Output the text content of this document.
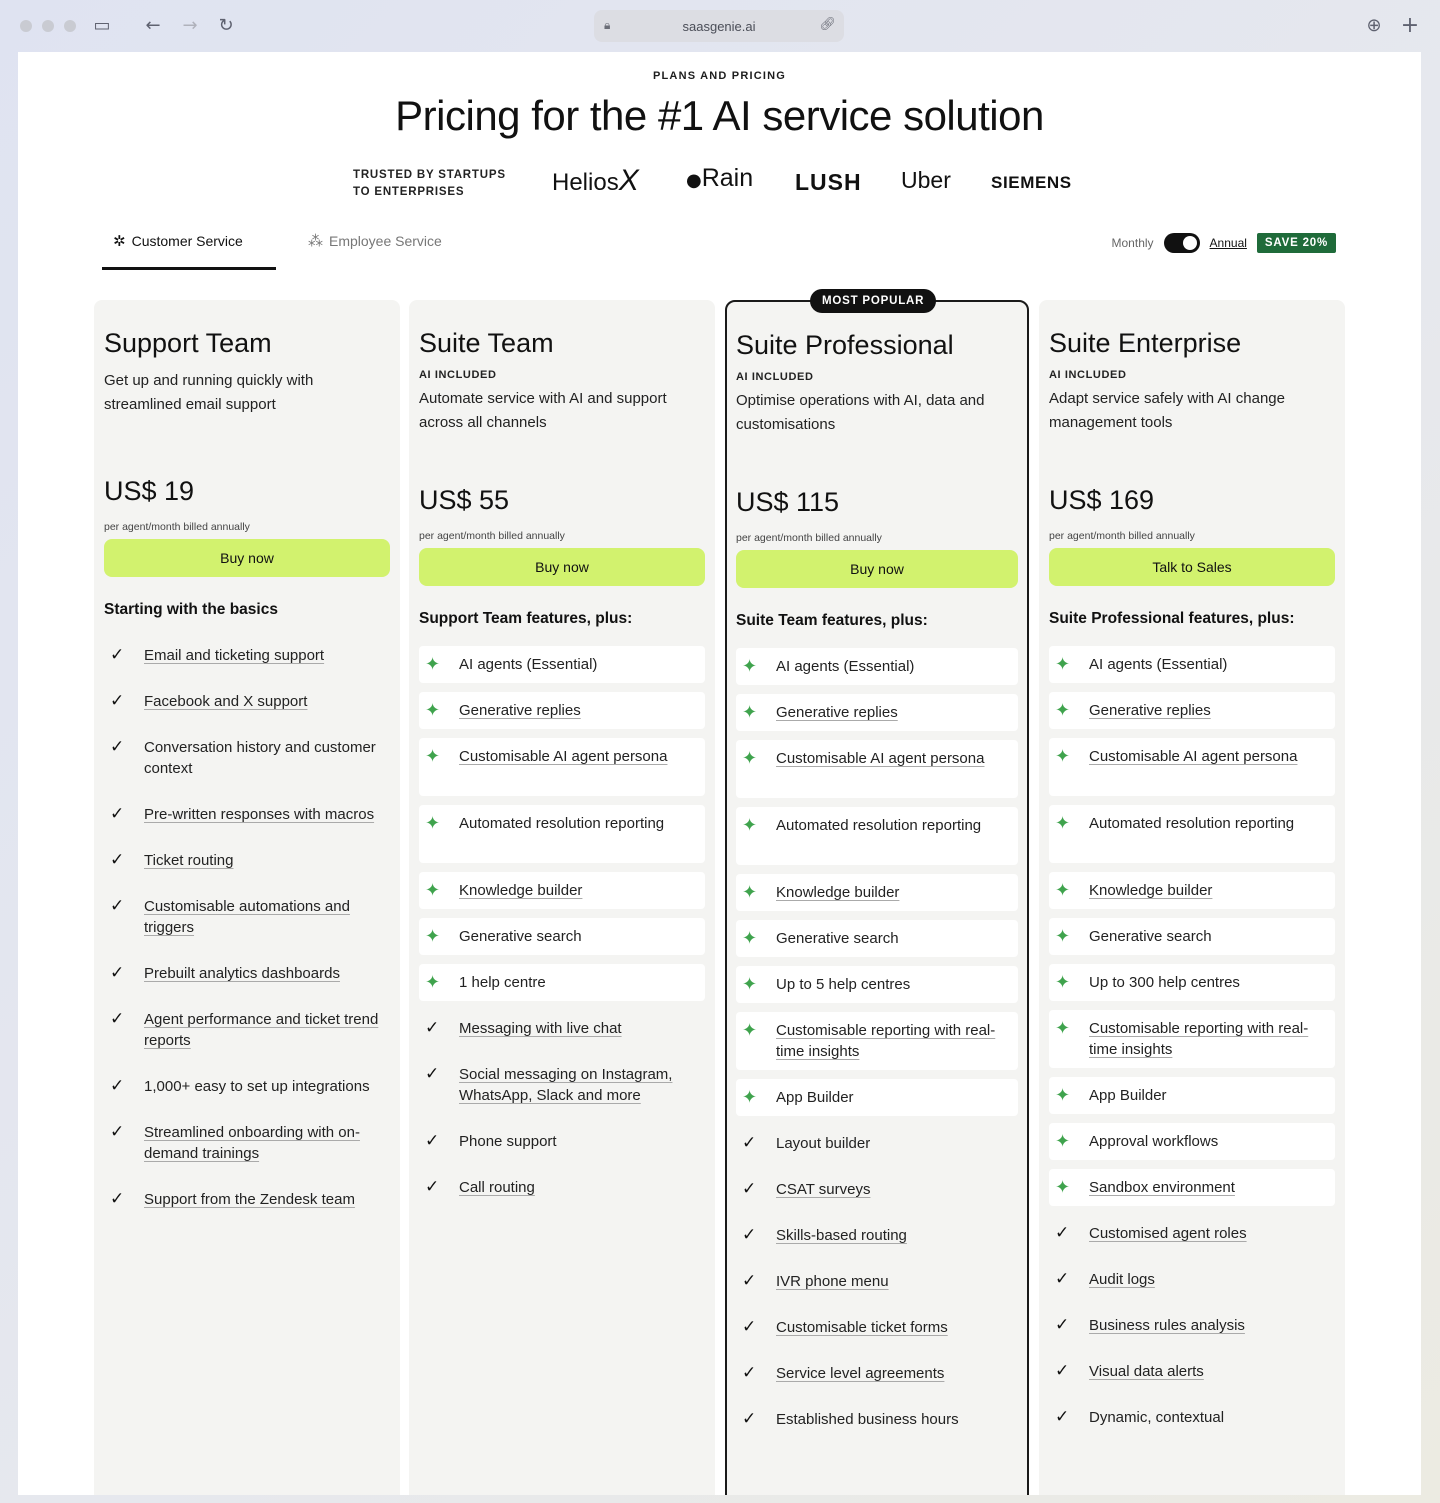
▭ ← → ↻	🔒︎	saasgenie.ai	🔗︎	⊕ +
PLANS AND PRICING
Pricing for the #1 AI service solution
TRUSTED BY STARTUPS
TO ENTERPRISES	HeliosX	●Rain LUSH Uber SIEMENS
✲ Customer Service	⁂ Employee Service	Monthly	Annual	SAVE 20%
Support Team
Get up and running quickly with streamlined email support
US$ 19
per agent/month billed annually
Buy now
Starting with the basics
✓	Email and ticketing support
✓	Facebook and X support
✓	Conversation history and customer context
✓	Pre-written responses with macros
✓	Ticket routing
✓	Customisable automations and triggers
✓	Prebuilt analytics dashboards
✓	Agent performance and ticket trend reports
✓	1,000+ easy to set up integrations
✓	Streamlined onboarding with on-demand trainings
✓	Support from the Zendesk team
Suite Team
AI INCLUDED
Automate service with AI and support across all channels
US$ 55
per agent/month billed annually
Buy now
Support Team features, plus:
✦	AI agents (Essential)
✦	Generative replies
✦	Customisable AI agent persona
✦	Automated resolution reporting
✦	Knowledge builder
✦	Generative search
✦	1 help centre
✓	Messaging with live chat
✓	Social messaging on Instagram, WhatsApp, Slack and more
✓	Phone support
✓	Call routing
MOST POPULAR
Suite Professional
AI INCLUDED
Optimise operations with AI, data and customisations
US$ 115
per agent/month billed annually
Buy now
Suite Team features, plus:
✦	AI agents (Essential)
✦	Generative replies
✦	Customisable AI agent persona
✦	Automated resolution reporting
✦	Knowledge builder
✦	Generative search
✦	Up to 5 help centres
✦	Customisable reporting with real-time insights
✦	App Builder
✓	Layout builder
✓	CSAT surveys
✓	Skills-based routing
✓	IVR phone menu
✓	Customisable ticket forms
✓	Service level agreements
✓	Established business hours
Suite Enterprise
AI INCLUDED
Adapt service safely with AI change management tools
US$ 169
per agent/month billed annually
Talk to Sales
Suite Professional features, plus:
✦	AI agents (Essential)
✦	Generative replies
✦	Customisable AI agent persona
✦	Automated resolution reporting
✦	Knowledge builder
✦	Generative search
✦	Up to 300 help centres
✦	Customisable reporting with real-time insights
✦	App Builder
✦	Approval workflows
✦	Sandbox environment
✓	Customised agent roles
✓	Audit logs
✓	Business rules analysis
✓	Visual data alerts
✓	Dynamic, contextual
